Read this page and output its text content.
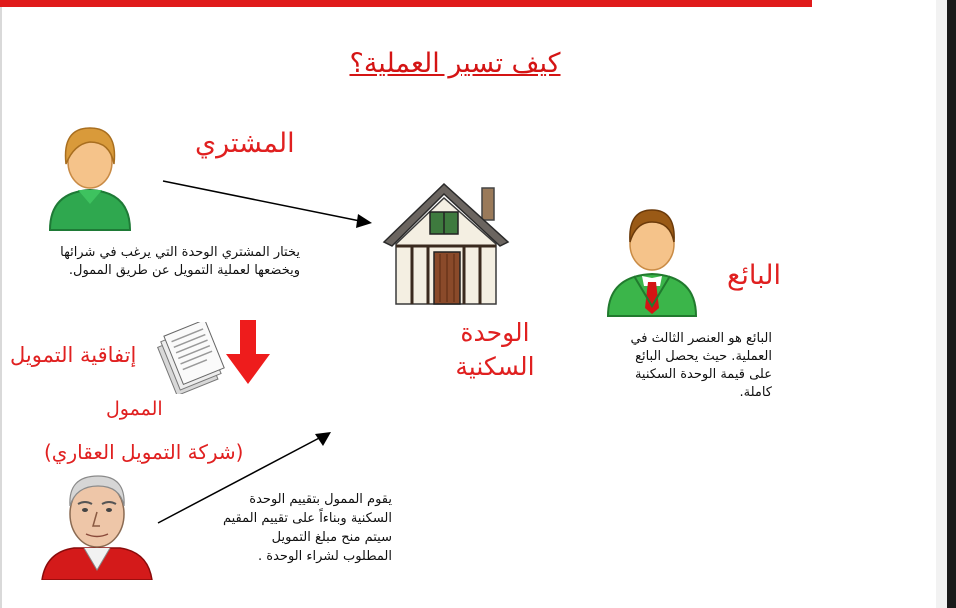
كيف تسير العملية؟
المشتري
يختار المشتري الوحدة التي يرغب في شرائها
ويخضعها لعملية التمويل عن طريق الممول.
الوحدة
السكنية
البائع
البائع هو العنصر الثالث في
العملية. حيث يحصل البائع
على قيمة الوحدة السكنية
كاملة.
إتفاقية التمويل
الممول
(شركة التمويل العقاري)
يقوم الممول بتقييم الوحدة
السكنية وبناءاً على تقييم المقيم
سيتم منح مبلغ التمويل
المطلوب لشراء الوحدة .
